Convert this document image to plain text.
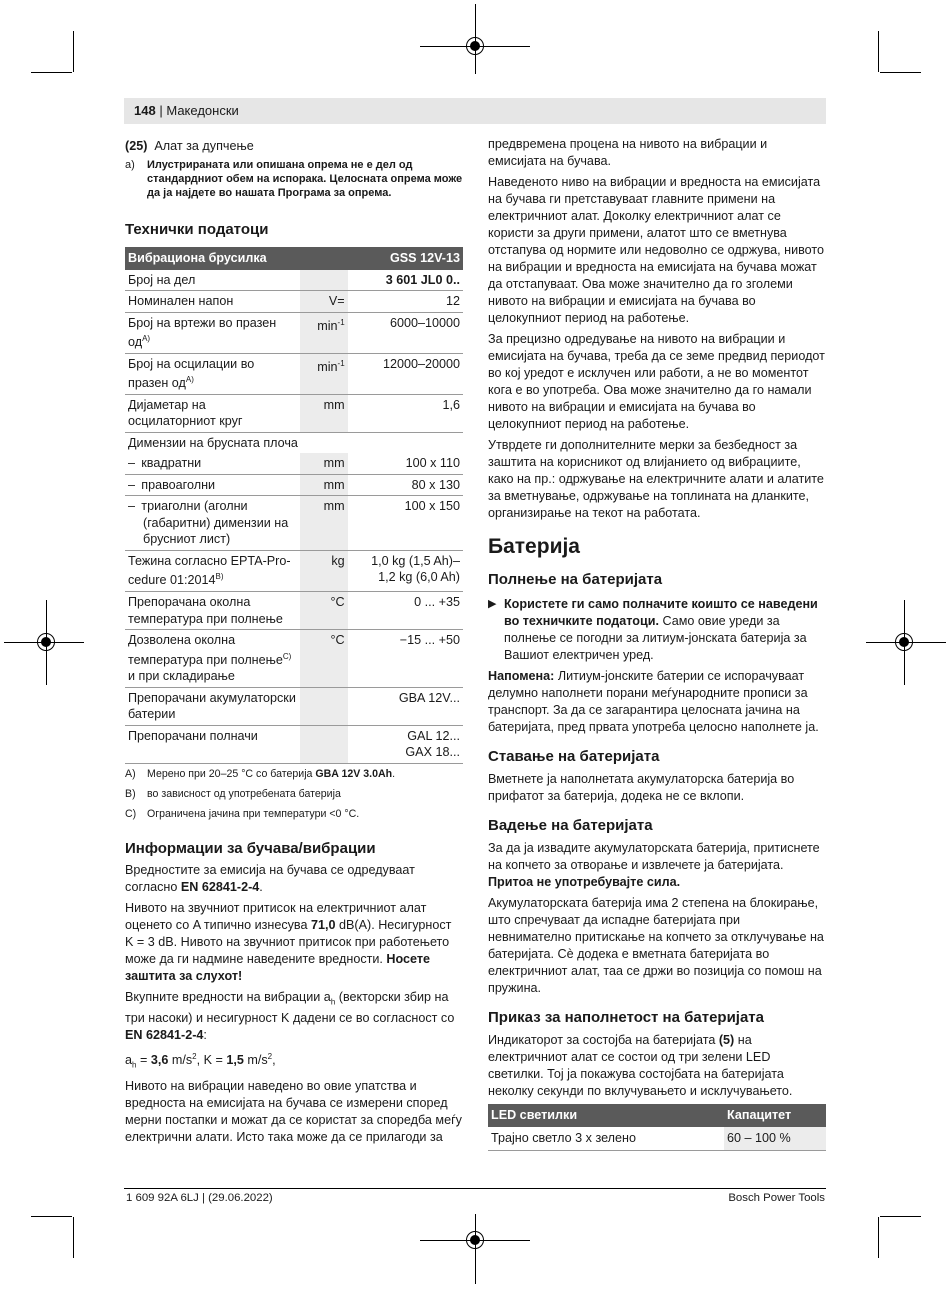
148 | Македонски
(25) Алат за дупчење
a)	Илустрираната или опишана опрема не е дел од стандардниот обем на испорака. Целосната опрема може да ја најдете во нашата Програма за опрема.
Технички податоци
Вибрациона брусилка		GSS 12V-13
Број на дел		3 601 JL0 0..
Номинален напон	V=	12
Број на вртежи во празен $од^{A)}$	$\min^{-1}$	6000–10000
Број на осцилации во празен $од^{A)}$	$\min^{-1}$	12000–20000
Дијаметар на осцилаторниот круг	mm	1,6
Димензии на брусната плоча		
– квадратни	mm	100 x 110
– правоаголни	mm	80 x 130
– триаголни (аголни (габаритни) димензии на брусниот лист)	mm	100 x 150
Тежина согласно EPTA-Procedure $01:2014^{B)}$	kg	1,0 kg (1,5 Ah)– 1,2 kg (6,0 Ah)
Препорачана околна температура при полнење	°C	0 ... +35
Дозволена околна температура при полнење$^{C)}$ и при складирање	°C	−15 ... +50
Препорачани акумулаторски батерии		GBA 12V...
Препорачани полначи		GAL 12...
GAX 18...
A) Мерено при 20–25 °C со батерија GBA 12V 3.0Ah.
B) во зависност од употребената батерија
C) Ограничена јачина при температури <0 °C.
Информации за бучава/вибрации

Вредностите за емисија на бучава се одредуваат согласно EN 62841-2-4.

Нивото на звучниот притисок на електричниот алат оценето со A типично изнесува 71,0 dB(A). Несигурност K = 3 dB. Нивото на звучниот притисок при работењето може да ги надмине наведените вредности. Носете заштита за слухот!

Вкупните вредности на вибрации $a_h$ (векторски збир на три насоки) и несигурност K дадени се во согласност со EN 62841-2-4:

$a_h = 3,6$ $m/s^2$, K = 1,5 $m/s^2$,

Нивото на вибрации наведено во овие упатства и вредноста на емисијата на бучава се измерени според мерни постапки и можат да се користат за споредба меѓу електрични алати. Исто така може да се прилагоди за

предвремена процена на нивото на вибрации и емисијата на бучава.

Наведеното ниво на вибрации и вредноста на емисијата на бучава ги претставуваат главните примени на електричниот алат. Доколку електричниот алат се користи за други примени, алатот што се вметнува отстапува од нормите или недоволно се одржува, нивото на вибрации и вредноста на емисијата на бучава можат да отстапуваат. Ова може значително да го зголеми нивото на вибрации и емисијата на бучава во целокупниот период на работење.

За прецизно одредување на нивото на вибрации и емисијата на бучава, треба да се земе предвид периодот во кој уредот е исклучен или работи, а не во моментот кога е во употреба. Ова може значително да го намали нивото на вибрации и емисијата на бучава во целокупниот период на работење.

Утврдете ги дополнителните мерки за безбедност за заштита на корисникот од влијанието од вибрациите, како на пр.: одржување на електричните алати и алатите за вметнување, одржување на топлината на дланките, организирање на текот на работата.

Батерија
Полнење на батеријата
▶ Користете ги само полначите коишто се наведени во техничките податоци. Само овие уреди за полнење се погодни за литиум-јонската батерија за Вашиот електричен уред.

Напомена: Литиум-јонските батерии се испорачуваат делумно наполнети порани меѓународните прописи за транспорт. За да се загарантира целосната јачина на батеријата, пред првата употреба целосно наполнете ја.

Ставање на батеријата

Вметнете ја наполнетата акумулаторска батерија во прифатот за батерија, додека не се вклопи.

Вадење на батеријата

За да ја извадите акумулаторската батерија, притиснете на копчето за отворање и извлечете ја батеријата. Притоа не употребувајте сила.

Акумулаторската батерија има 2 степена на блокирање, што спречуваат да испадне батеријата при невнимателно притискање на копчето за отклучување на батеријата. Сè додека е вметната батеријата во електричниот алат, таа се држи во позиција со помош на пружина.

Приказ за наполнетост на батеријата

Индикаторот за состојба на батеријата (5) на електричниот алат се состои од три зелени LED светилки. Тој ја покажува состојбата на батеријата неколку секунди по вклучувањето и исклучувањето.

LED светилки	Капацитет
Трајно светло 3 x зелено	60 – 100 %
1 609 92A 6LJ | (29.06.2022)	Bosch Power Tools
